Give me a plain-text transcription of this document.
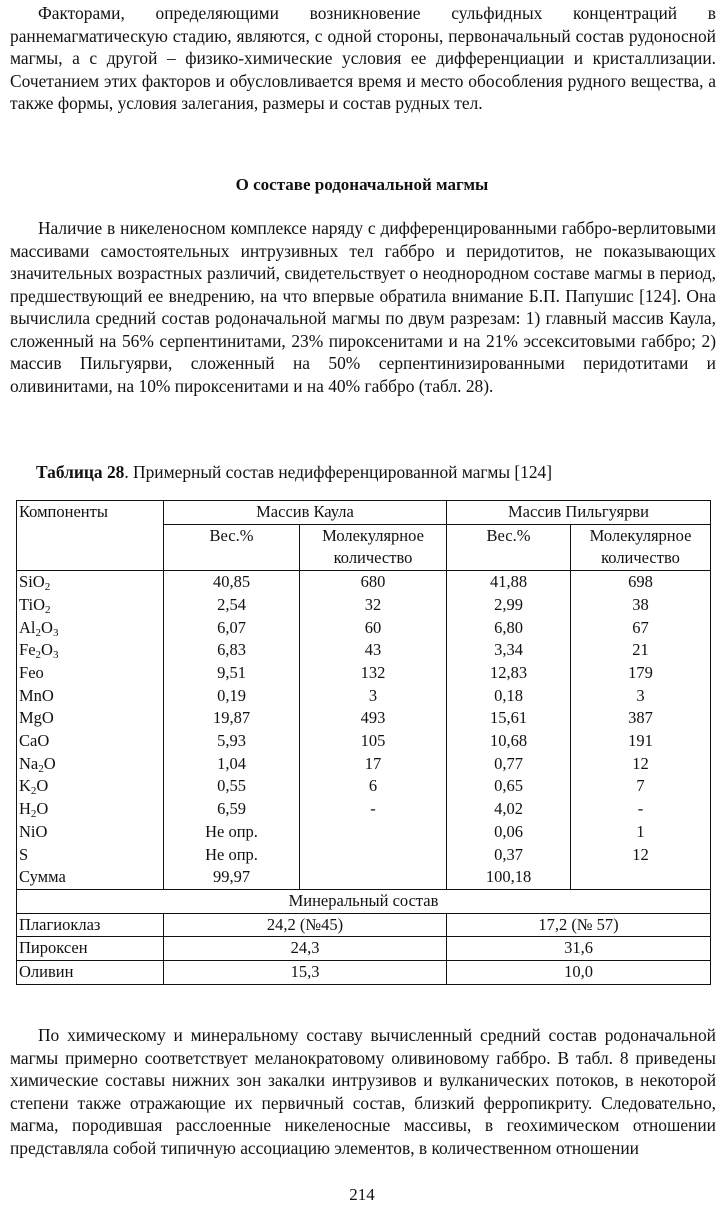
Факторами, определяющими возникновение сульфидных концентраций в раннемагматическую стадию, являются, с одной стороны, первоначальный состав рудоносной магмы, а с другой – физико-химические условия ее дифференциации и кристаллизации. Сочетанием этих факторов и обусловливается время и место обособления рудного вещества, а также формы, условия залегания, размеры и состав рудных тел.

О составе родоначальной магмы

Наличие в никеленосном комплексе наряду с дифференцированными габбро-верлитовыми массивами самостоятельных интрузивных тел габбро и перидотитов, не показывающих значительных возрастных различий, свидетельствует о неоднородном составе магмы в период, предшествующий ее внедрению, на что впервые обратила внимание Б.П. Папушис [124]. Она вычислила средний состав родоначальной магмы по двум разрезам: 1) главный массив Каула, сложенный на 56% серпентинитами, 23% пироксенитами и на 21% эссекситовыми габбро; 2) массив Пильгуярви, сложенный на 50% серпентинизированными перидотитами и оливинитами, на 10% пироксенитами и на 40% габбро (табл. 28).

Таблица 28. Примерный состав недифференцированной магмы [124]

Компоненты	Массив Каула		Массив Пильгуярви	
	Вес.%	Молекулярное количество	Вес.%	Молекулярное количество
SiO$_2$	40,85	680	41,88	698
TiO$_2$	2,54	32	2,99	38
$Al_2O_3$	6,07	60	6,80	67
$Fe_2O_3$	6,83	43	3,34	21
Feo	9,51	132	12,83	179
MnO	0,19	3	0,18	3
MgO	19,87	493	15,61	387
CaO	5,93	105	10,68	191
$Na_2O$	1,04	17	0,77	12
$K_2O$	0,55	6	0,65	7
$H_2O$	6,59	-	4,02	-
NiO	Не опр.		0,06	1
S	Не опр.		0,37	12
Сумма	99,97		100,18	
Минеральный состав				
Плагиоклаз	24,2 (№45)		17,2 (№ 57)	
Пироксен	24,3		31,6	
Оливин	15,3		10,0	

По химическому и минеральному составу вычисленный средний состав родоначальной магмы примерно соответствует меланократовому оливиновому габбро. В табл. 8 приведены химические составы нижних зон закалки интрузивов и вулканических потоков, в некоторой степени также отражающие их первичный состав, близкий ферропикриту. Следовательно, магма, породившая расслоенные никеленосные массивы, в геохимическом отношении представляла собой типичную ассоциацию элементов, в количественном отношении

214
